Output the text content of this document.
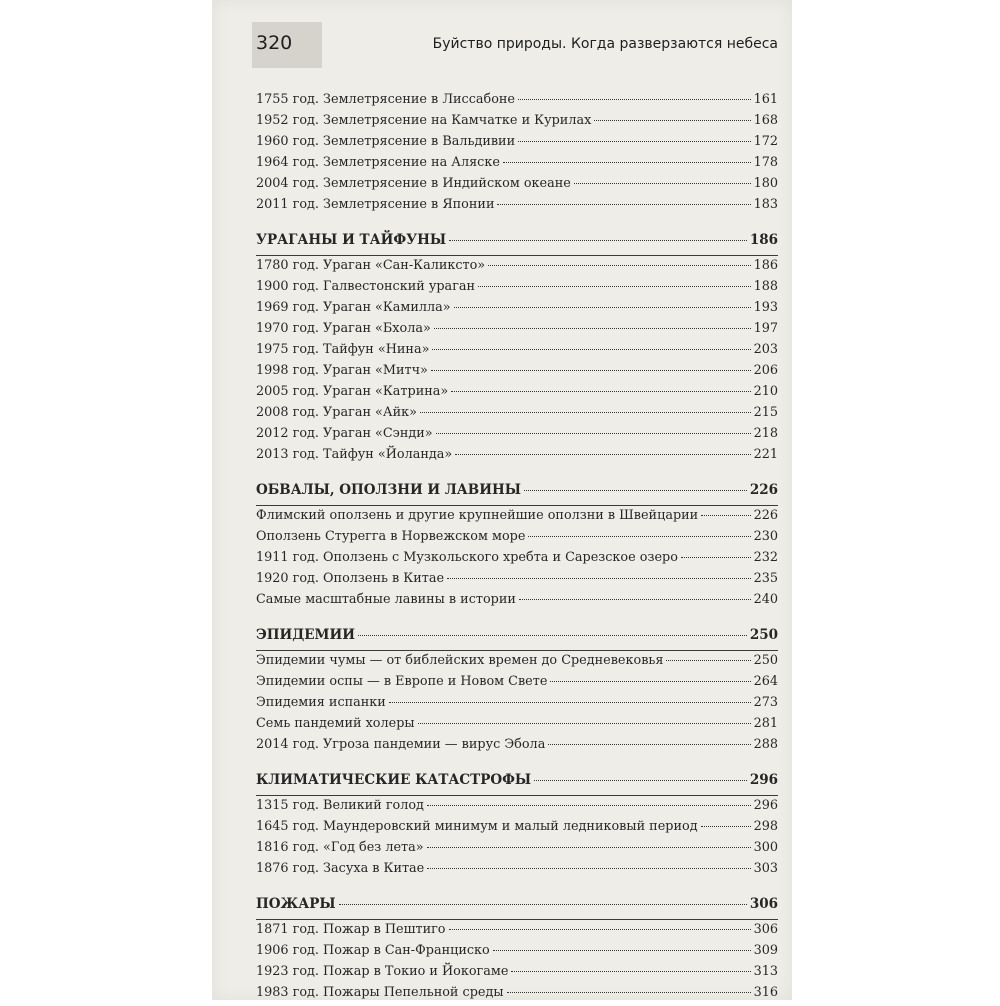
320	Буйство природы. Когда разверзаются небеса
1755 год. Землетрясение в Лиссабоне	161
1952 год. Землетрясение на Камчатке и Курилах	168
1960 год. Землетрясение в Вальдивии	172
1964 год. Землетрясение на Аляске	178
2004 год. Землетрясение в Индийском океане	180
2011 год. Землетрясение в Японии	183
УРАГАНЫ И ТАЙФУНЫ	186
1780 год. Ураган «Сан-Каликсто»	186
1900 год. Галвестонский ураган	188
1969 год. Ураган «Камилла»	193
1970 год. Ураган «Бхола»	197
1975 год. Тайфун «Нина»	203
1998 год. Ураган «Митч»	206
2005 год. Ураган «Катрина»	210
2008 год. Ураган «Айк»	215
2012 год. Ураган «Сэнди»	218
2013 год. Тайфун «Йоланда»	221
ОБВАЛЫ, ОПОЛЗНИ И ЛАВИНЫ	226
Флимский оползень и другие крупнейшие оползни в Швейцарии	226
Оползень Стурегга в Норвежском море	230
1911 год. Оползень с Музкольского хребта и Сарезское озеро	232
1920 год. Оползень в Китае	235
Самые масштабные лавины в истории	240
ЭПИДЕМИИ	250
Эпидемии чумы — от библейских времен до Средневековья	250
Эпидемии оспы — в Европе и Новом Свете	264
Эпидемия испанки	273
Семь пандемий холеры	281
2014 год. Угроза пандемии — вирус Эбола	288
КЛИМАТИЧЕСКИЕ КАТАСТРОФЫ	296
1315 год. Великий голод	296
1645 год. Маундеровский минимум и малый ледниковый период	298
1816 год. «Год без лета»	300
1876 год. Засуха в Китае	303
ПОЖАРЫ	306
1871 год. Пожар в Пештиго	306
1906 год. Пожар в Сан-Франциско	309
1923 год. Пожар в Токио и Йокогаме	313
1983 год. Пожары Пепельной среды	316
